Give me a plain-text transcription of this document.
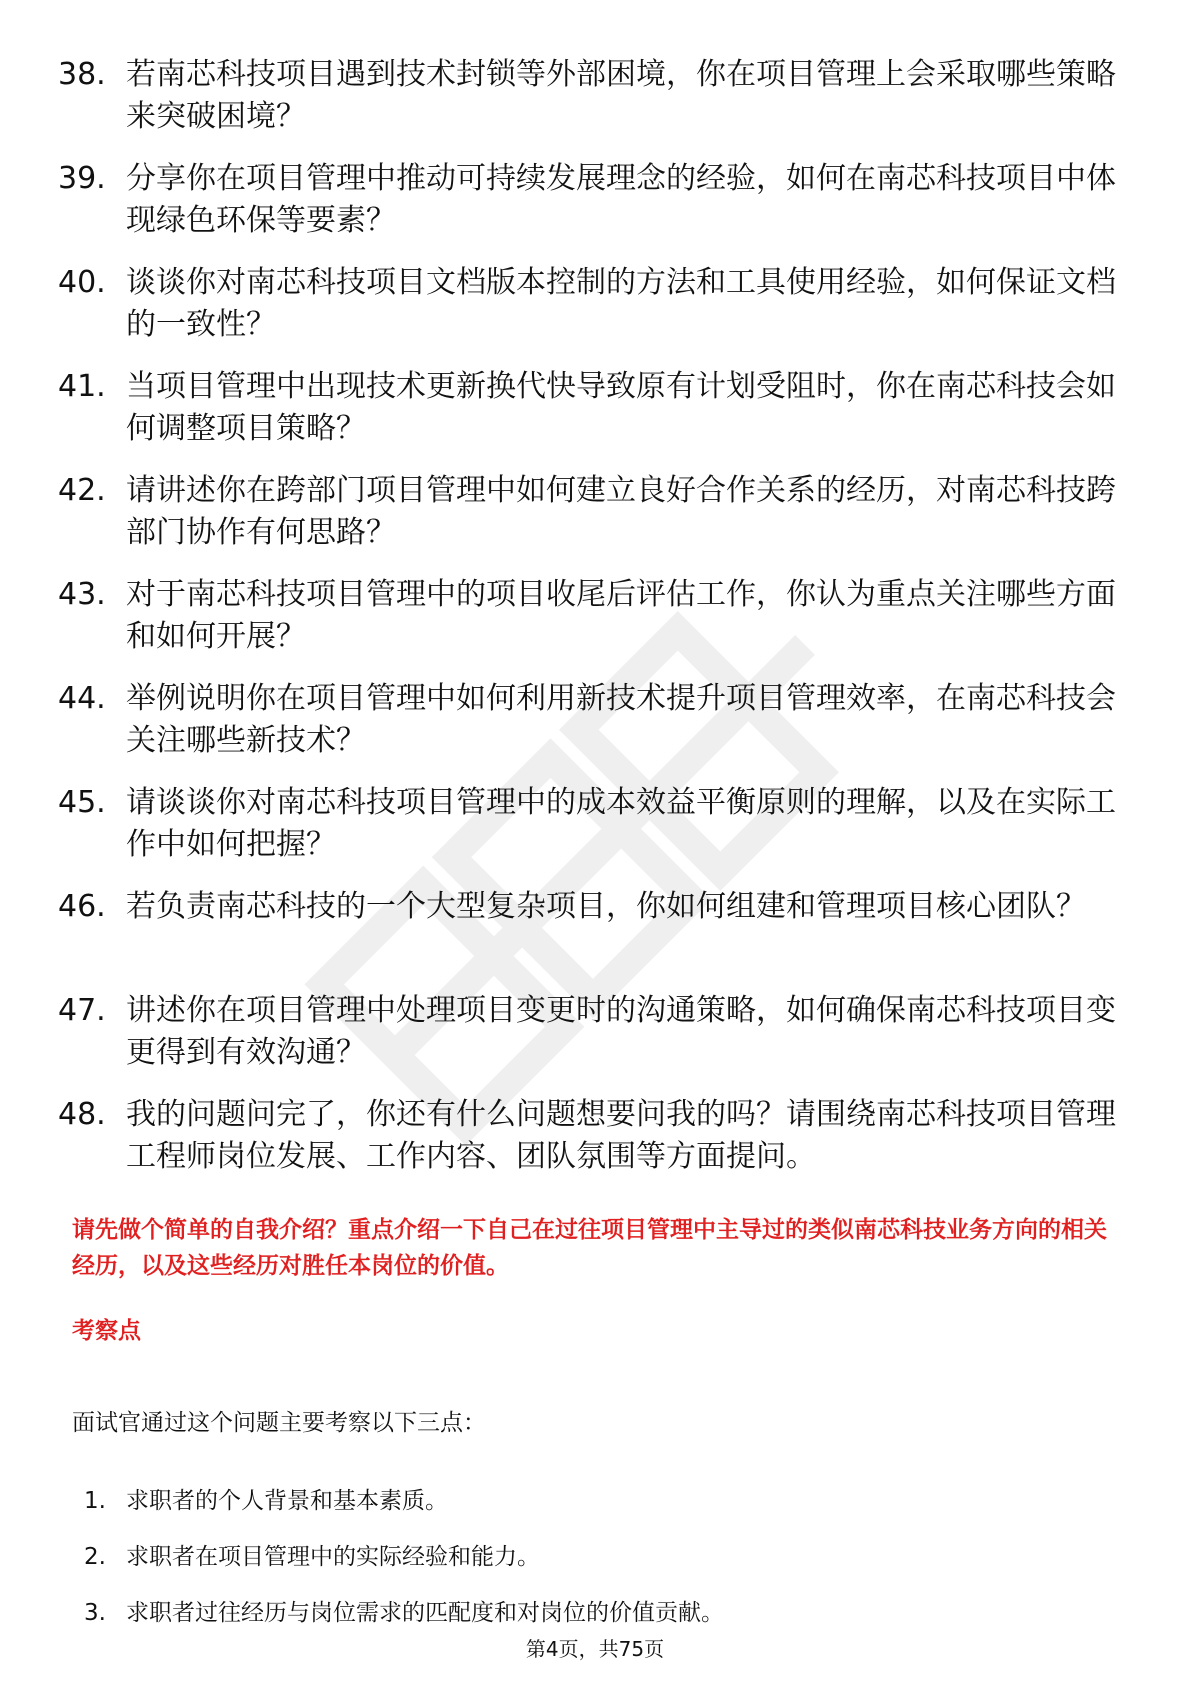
38. 若南芯科技项目遇到技术封锁等外部困境，你在项目管理上会采取哪些策略来突破困境？
39. 分享你在项目管理中推动可持续发展理念的经验，如何在南芯科技项目中体现绿色环保等要素？
40. 谈谈你对南芯科技项目文档版本控制的方法和工具使用经验，如何保证文档的一致性？
41. 当项目管理中出现技术更新换代快导致原有计划受阻时，你在南芯科技会如何调整项目策略？
42. 请讲述你在跨部门项目管理中如何建立良好合作关系的经历，对南芯科技跨部门协作有何思路？
43. 对于南芯科技项目管理中的项目收尾后评估工作，你认为重点关注哪些方面和如何开展？
44. 举例说明你在项目管理中如何利用新技术提升项目管理效率，在南芯科技会关注哪些新技术？
45. 请谈谈你对南芯科技项目管理中的成本效益平衡原则的理解，以及在实际工作中如何把握？
46. 若负责南芯科技的一个大型复杂项目，你如何组建和管理项目核心团队？
47. 讲述你在项目管理中处理项目变更时的沟通策略，如何确保南芯科技项目变更得到有效沟通？
48. 我的问题问完了，你还有什么问题想要问我的吗？请围绕南芯科技项目管理工程师岗位发展、工作内容、团队氛围等方面提问。
请先做个简单的自我介绍？重点介绍一下自己在过往项目管理中主导过的类似南芯科技业务方向的相关经历，以及这些经历对胜任本岗位的价值。
考察点
面试官通过这个问题主要考察以下三点：
1. 求职者的个人背景和基本素质。
2. 求职者在项目管理中的实际经验和能力。
3. 求职者过往经历与岗位需求的匹配度和对岗位的价值贡献。
第4页，共75页
